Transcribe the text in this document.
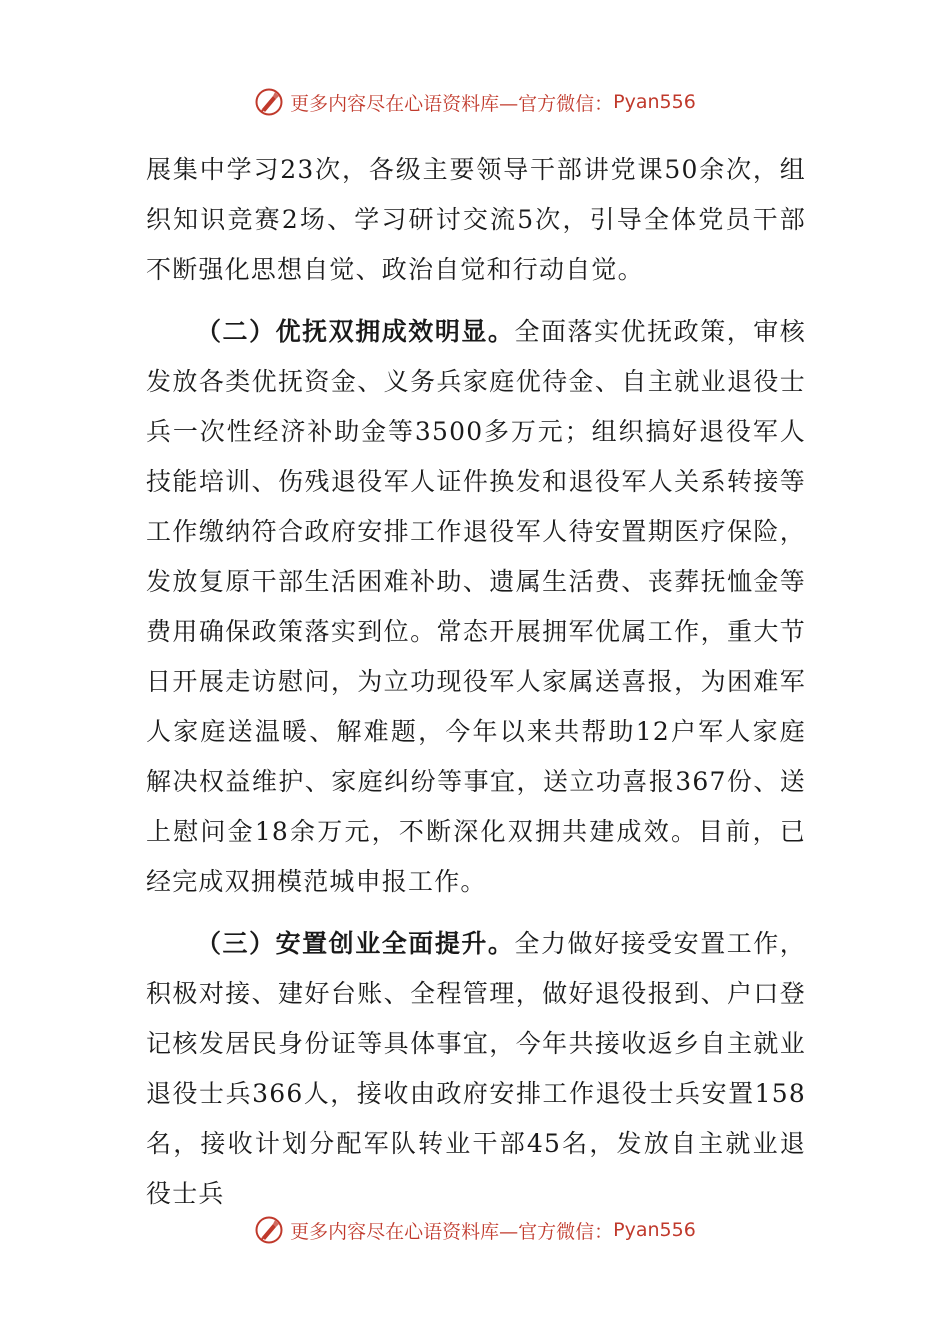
更多内容尽在心语资料库—官方微信： Pyan556

展集中学习23次，各级主要领导干部讲党课50余次，组织知识竞赛2场、学习研讨交流5次，引导全体党员干部不断强化思想自觉、政治自觉和行动自觉。

（二）优抚双拥成效明显。全面落实优抚政策，审核发放各类优抚资金、义务兵家庭优待金、自主就业退役士兵一次性经济补助金等3500多万元；组织搞好退役军人技能培训、伤残退役军人证件换发和退役军人关系转接等工作缴纳符合政府安排工作退役军人待安置期医疗保险，发放复原干部生活困难补助、遗属生活费、丧葬抚恤金等费用确保政策落实到位。常态开展拥军优属工作，重大节日开展走访慰问，为立功现役军人家属送喜报，为困难军人家庭送温暖、解难题，今年以来共帮助12户军人家庭解决权益维护、家庭纠纷等事宜，送立功喜报367份、送上慰问金18余万元，不断深化双拥共建成效。目前，已经完成双拥模范城申报工作。

（三）安置创业全面提升。全力做好接受安置工作，积极对接、建好台账、全程管理，做好退役报到、户口登记核发居民身份证等具体事宜，今年共接收返乡自主就业退役士兵366人，接收由政府安排工作退役士兵安置158名，接收计划分配军队转业干部45名，发放自主就业退役士兵

更多内容尽在心语资料库—官方微信： Pyan556
